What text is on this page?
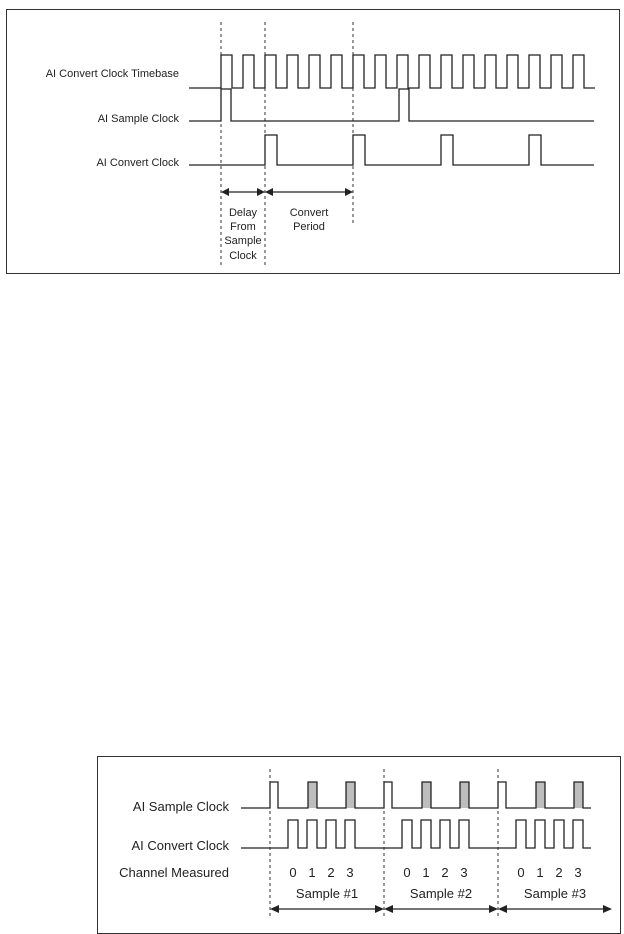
AI Convert Clock Timebase
AI Sample Clock
AI Convert Clock
Delay
From
Sample
Clock
Convert
Period
AI Sample Clock
AI Convert Clock
Channel Measured	0 1 2 3	0 1 2 3	0 1 2 3
Sample #1	Sample #2	Sample #3
